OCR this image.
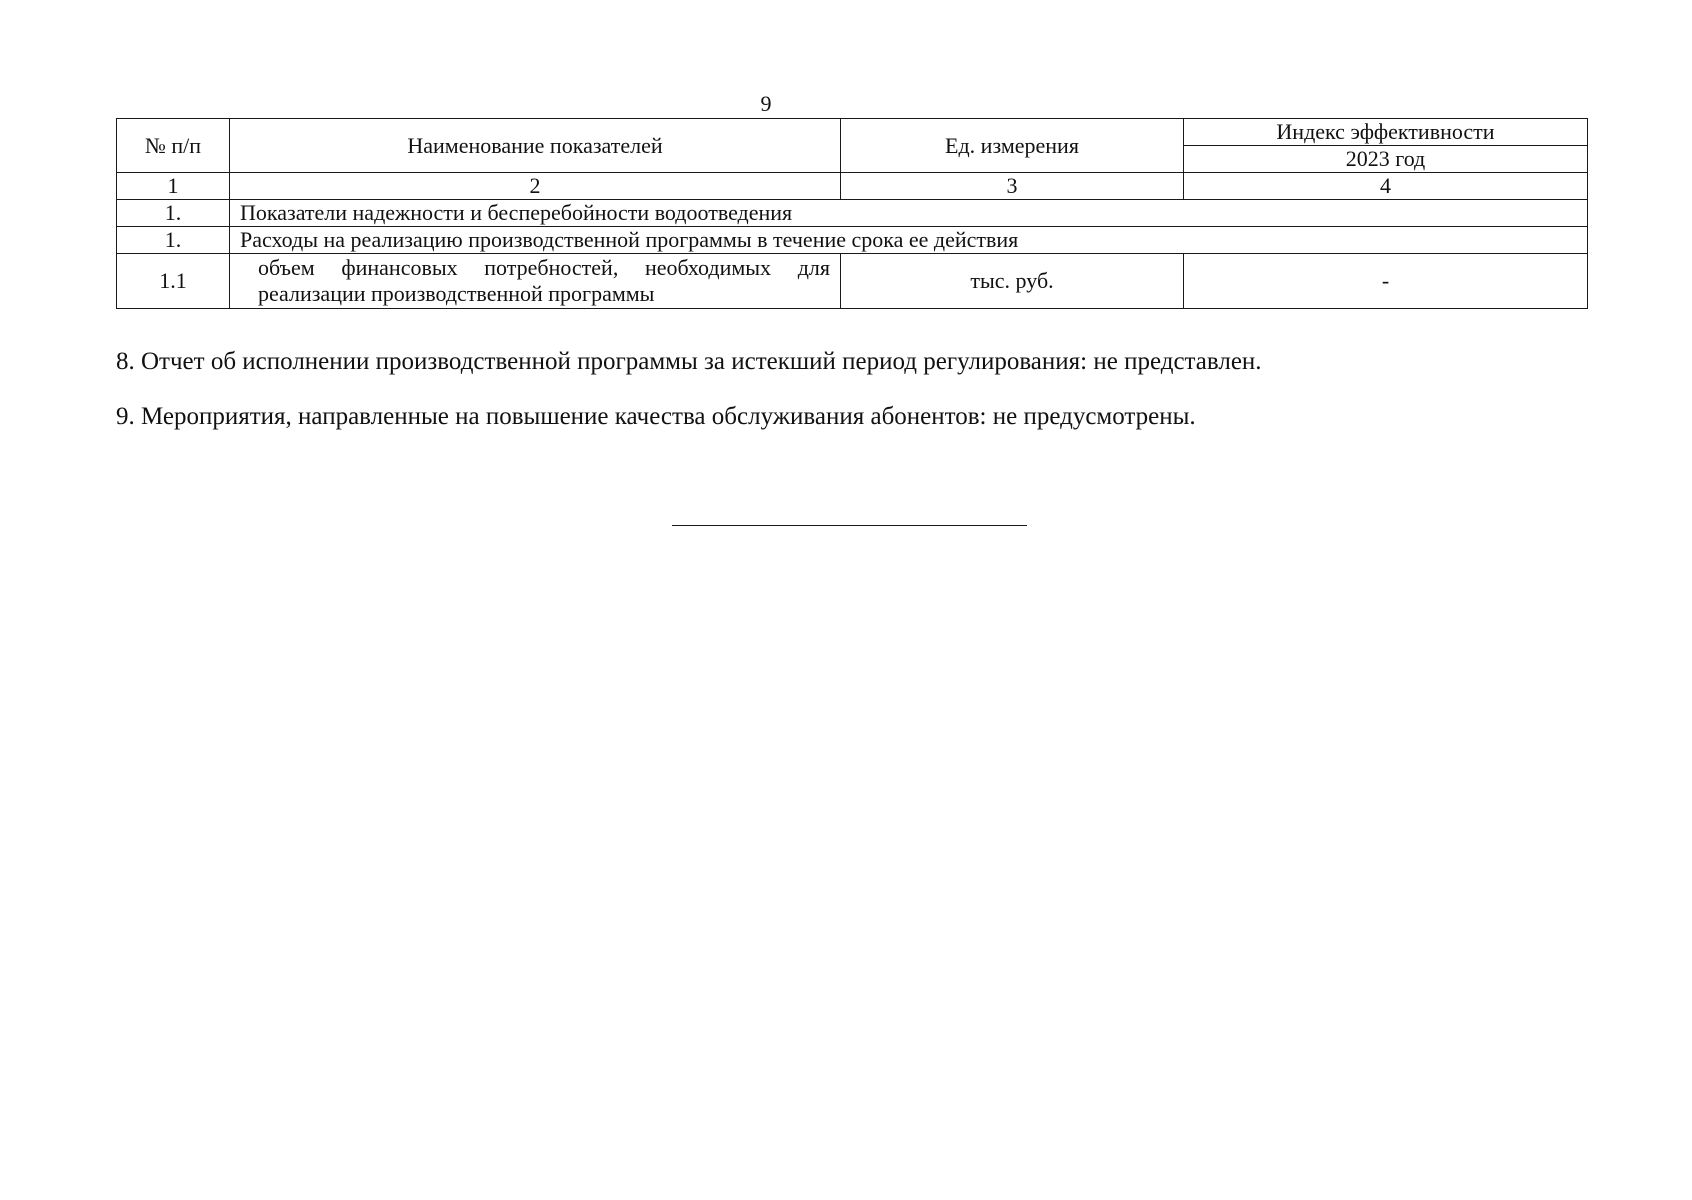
9
№ п/п	Наименование показателей	Ед. измерения	Индекс эффективности
			2023 год
1	2	3	4
1.	Показатели надежности и бесперебойности водоотведения		
1.	Расходы на реализацию производственной программы в течение срока ее действия		
1.1	объем финансовых потребностей, необходимых для реализации производственной программы	тыс. руб.	-
8. Отчет об исполнении производственной программы за истекший период регулирования: не представлен.
9. Мероприятия, направленные на повышение качества обслуживания абонентов: не предусмотрены.
